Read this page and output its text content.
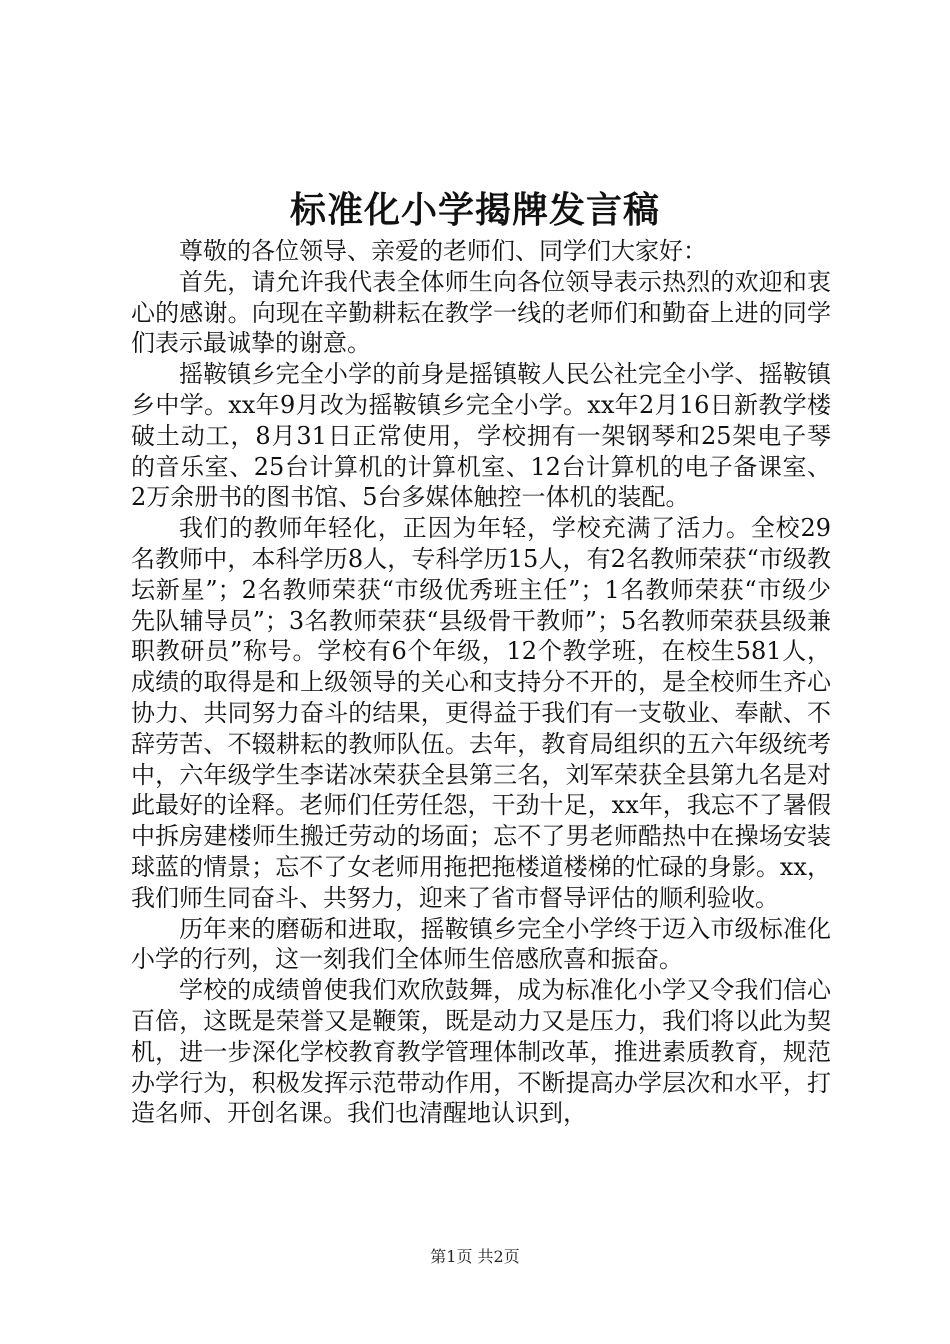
标准化小学揭牌发言稿

尊敬的各位领导、亲爱的老师们、同学们大家好：

首先，请允许我代表全体师生向各位领导表示热烈的欢迎和衷心的感谢。向现在辛勤耕耘在教学一线的老师们和勤奋上进的同学们表示最诚挚的谢意。

摇鞍镇乡完全小学的前身是摇镇鞍人民公社完全小学、摇鞍镇乡中学。xx年9月改为摇鞍镇乡完全小学。xx年2月16日新教学楼破土动工，8月31日正常使用，学校拥有一架钢琴和25架电子琴的音乐室、25台计算机的计算机室、12台计算机的电子备课室、2万余册书的图书馆、5台多媒体触控一体机的装配。

我们的教师年轻化，正因为年轻，学校充满了活力。全校29名教师中，本科学历8人，专科学历15人，有2名教师荣获“市级教坛新星”；2名教师荣获“市级优秀班主任”；1名教师荣获“市级少先队辅导员”；3名教师荣获“县级骨干教师”；5名教师荣获县级兼职教研员”称号。学校有6个年级，12个教学班，在校生581人，成绩的取得是和上级领导的关心和支持分不开的，是全校师生齐心协力、共同努力奋斗的结果，更得益于我们有一支敬业、奉献、不辞劳苦、不辍耕耘的教师队伍。去年，教育局组织的五六年级统考中，六年级学生李诺冰荣获全县第三名，刘军荣获全县第九名是对此最好的诠释。老师们任劳任怨，干劲十足，xx年，我忘不了暑假中拆房建楼师生搬迁劳动的场面；忘不了男老师酷热中在操场安装球蓝的情景；忘不了女老师用拖把拖楼道楼梯的忙碌的身影。xx，我们师生同奋斗、共努力，迎来了省市督导评估的顺利验收。

历年来的磨砺和进取，摇鞍镇乡完全小学终于迈入市级标准化小学的行列，这一刻我们全体师生倍感欣喜和振奋。

学校的成绩曾使我们欢欣鼓舞，成为标准化小学又令我们信心百倍，这既是荣誉又是鞭策，既是动力又是压力，我们将以此为契机，进一步深化学校教育教学管理体制改革，推进素质教育，规范办学行为，积极发挥示范带动作用，不断提高办学层次和水平，打造名师、开创名课。我们也清醒地认识到，

第1页 共2页
